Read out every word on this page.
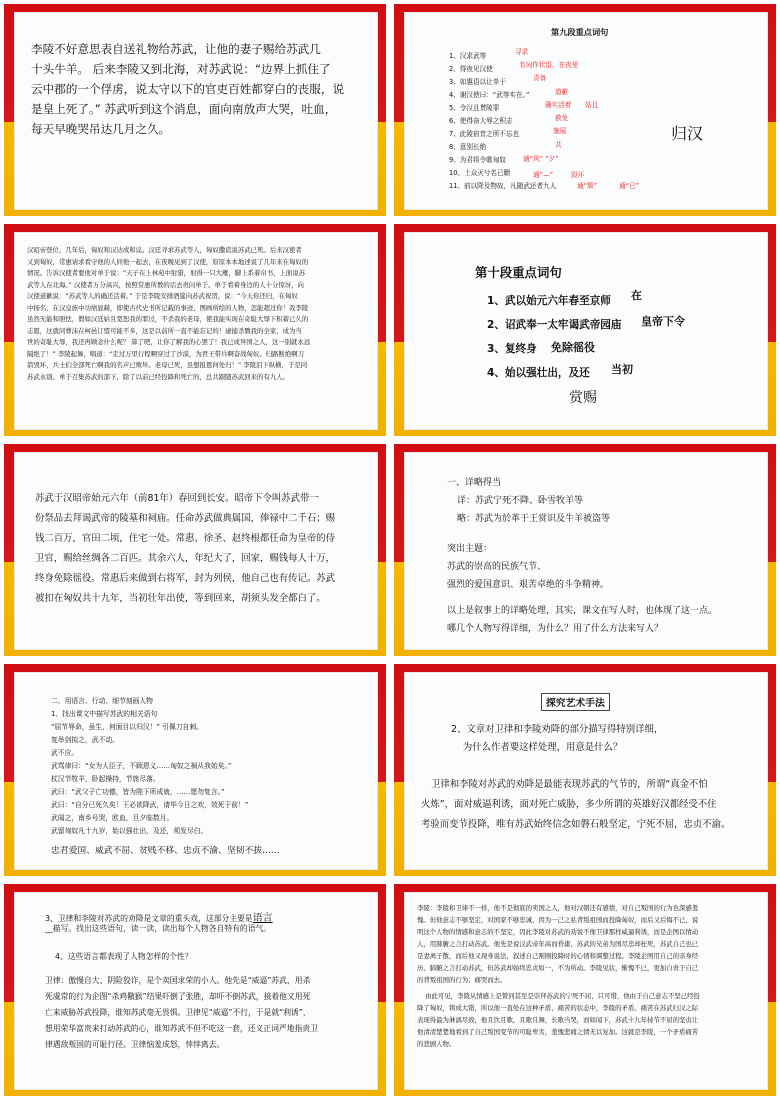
李陵不好意思表自送礼物给苏武，让他的妻子赐给苏武几
十头牛羊。 后来李陵又到北海，对苏武说：“边界上抓住了
云中郡的一个俘虏，说太守以下的官吏百姓都穿白的丧服，说
是皇上死了。” 苏武听到这个消息，面向南放声大哭，吐血，
每天早晚哭吊达几月之久。
第九段重点词句
1、汉求武等
2、得夜见汉使
3、如惠语以让单于
4、谢汉使曰：“武等实在。”
5、令汉且贳陵罪
6、使得奋大辱之积志
7、此陵宿昔之所不忘也
8、意别长绝
9、为君将令歌匈奴
10、士众灭兮名已聩
11、前以降及物故，凡随武还者九人
寻求
名词作状语，在夜里
责备
道歉
确实活着 姑且
赦免
施展
共
通“风” “夕”
通“—”	毁坏
通“颓”	通“已”
归汉
汉昭帝登位，几年后，匈奴和汉达成和议。汉廷寻求苏武等人，匈奴撒谎说苏武已死。后来汉使者
又到匈奴，常惠请求看守他的人同他一起去，在夜晚见到了汉使，原原本本地述说了几年来在匈奴的
情况。告诉汉使者要他对单于说：“天子在上林苑中射猎，射得一只大雁，脚上系着帛书，上面说苏
武等人在北海。” 汉使者万分高兴，按照常惠所教的话去责问单于。单于看着身边的人十分惊讶，向
汉使道歉说：“苏武等人的确还活着。” 于是李陵安排酒筵向苏武祝贺，说：“今天你还归，在匈奴
中扬名，在汉皇族中功绩显赫，即使古代史书所记载的事迹，图画所绘的人物，怎能超过你！我李陵
虽然无能和胆怯，假如汉廷姑且宽恕我的罪过，不杀我的老母，使我能实现在奇耻大辱下积蓄已久的
志愿，这就同曹沫在柯邑订盟可能不多，这是以前所一直不能忘记的！逮捕杀戮我的全家，成为当
世的奇耻大辱，我还再顾念什么呢？ 算了吧，让你了解我的心罢了！我已成异国之人，这一别就永远
隔绝了！” 李陵起舞，唱道：“走过万里行程啊穿过了沙漠，为君王带兵啊奋战匈奴。归路断绝啊刀
箭毁坏，兵士们全部死亡啊我的名声已败坏。老母已死，虽想报恩何处归！” 李陵泪下纵横，于是同
苏武永别。单于召集苏武的部下，除了以前已经投降和死亡的，总共跟随苏武回来的有九人。
第十段重点词句
1、武以始元六年春至京师
2、诏武奉一太牢谒武帝园庙
3、复终身
4、始以强壮出，及还
在
皇帝下令
免除徭役
当初
赏赐
苏武于汉昭帝始元六年（前81年）春回到长安。昭帝下令叫苏武带一
份祭品去拜谒武帝的陵墓和祠庙。任命苏武做典属国，俸禄中二千石；赐
钱二百万，官田二顷，住宅一处。常惠、徐圣、赵终根都任命为皇帝的侍
卫官，赐给丝绸各二百匹。其余六人，年纪大了，回家，赐钱每人十万，
终身免除徭役。常惠后来做到右将军，封为列侯，他自己也有传记。苏武
被扣在匈奴共十九年，当初壮年出使，等到回来，胡须头发全都白了。
一、详略得当
详：苏武宁死不降、卧雪牧羊等
略：苏武为於革干王赏识及牛羊被盗等
突出主题：
苏武的崇高的民族气节、
强烈的爱国意识、艰苦卓绝的斗争精神。
以上是叙事上的详略处理，其实，课文在写人时，也体现了这一点。
哪几个人物写得详细，为什么？用了什么方法来写人？
二、用语言、行动、细节刻画人物
1、找出课文中描写苏武的相关语句
“屈节辱命，虽生，何面目以归汉！” 引佩刀自刺。
复举剑拟之，武不动。
武不应。
武骂律曰：“女为人臣子，不顾恩义……匈奴之祸从我始矣。”
杖汉节牧羊，卧起操持，节旄尽落。
武曰：“武父子亡功德，皆为陛下所成就，……愿勿复言。”
武曰：“自分已死久矣！王必欲降武，请毕今日之欢，效死于前！”
武闻之，南乡号哭，欧血，旦夕临数月。
武留匈奴凡十九岁，始以强壮出，及还，须发尽白。
忠君爱国、威武不屈、贫贱不移、忠贞不渝、坚韧不拔……
探究艺术手法
2、文章对卫律和李陵劝降的部分描写得特别详细，
为什么作者要这样处理，用意是什么？
卫律和李陵对苏武的劝降是最能表现苏武的气节的，所谓“真金不怕
火炼”，面对威逼利诱，面对死亡威胁，多少所谓的英雄好汉都经受不住
考验而变节投降，唯有苏武始终信念如磐石般坚定，宁死不屈，忠贞不渝。
3、卫律和李陵对苏武的劝降是文章的重头戏，这部分主要是语言
__描写。找出这些语句，读一读，读出每个人物各自特有的语气。
4、这些语言都表现了人物怎样的个性？
卫律：傲慢自大、阴险狡诈，是个卖国求荣的小人。他先是“威逼”苏武，用杀
死虞常的行为企图“杀鸡儆猴”结果吓倒了张胜，却吓不倒苏武，接着他又用死
亡来威胁苏武投降，谁知苏武毫无畏惧。卫律见“威逼”不行，于是就“利诱”，
想用荣华富贵来打动苏武的心，谁知苏武不但不吃这一套，还义正词严地指责卫
律遇敌叛国的可耻行径。卫律恼羞成怒，悻悻离去。
李陵：李陵和卫律不一样，他不是彻底的卖国之人，他对汉朝还有感情，对自己叛国的行为也深感羞
愧。但他意志不够坚定，对国家不够忠诚，因为一己之私背叛祖国而投降匈奴，而后又后悔不已，说
明这个人物的情感和意志的不坚定，因此李陵对苏武的劝说不像卫律那样威逼利诱，而是企图以情动
人，用肺腑之言打动苏武。他先是说汉武帝年高而昏庸，苏武的兄弟为国尽忠却枉死，苏武自己也已
是妻离子散，而后他又现身说法，叙述自己刚刚投降时的心情和调整过程。李陵企图用自己的亲身经
历、肺腑之言打动苏武，但苏武却始终忠贞如一，不为所动。李陵见状，惭愧不已，更加自责于自己
的背叛祖国的行为；痛哭而去。
由此可见，李陵从情感上是赞同甚至是崇拜苏武的宁死不屈，只可惜，他由于自己意志不坚已经投
降了匈奴，铸成大错，所以他一直处在这种矛盾、痛苦的状态中，李陵的矛盾、痛苦在苏武归汉之际
表现得最为淋漓尽致，他且饮且歌，且歌且舞，长歌当哭，而如闻下，苏武十九年持节不屈的坚贞让
他清清楚楚地看到了自己叛国变节的可耻卑劣，羞愧悲痛之情无以复加。这就是李陵，一个矛盾痛苦
的悲剧人物。
